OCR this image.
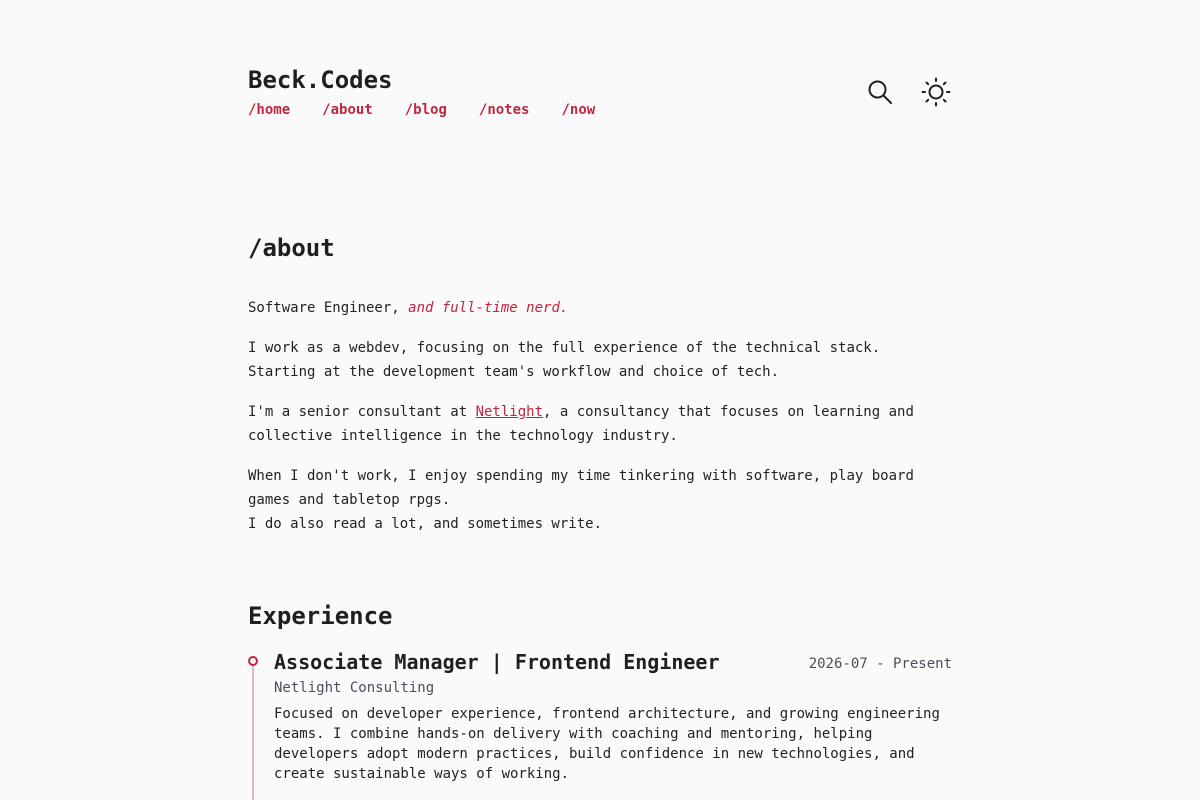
Beck.Codes
/home /about /blog /notes /now
/about

Software Engineer, and full-time nerd.

I work as a webdev, focusing on the full experience of the technical stack. Starting at the development team's workflow and choice of tech.

I'm a senior consultant at Netlight, a consultancy that focuses on learning and collective intelligence in the technology industry.

When I don't work, I enjoy spending my time tinkering with software, play board games and tabletop rpgs.
I do also read a lot, and sometimes write.

Experience
Associate Manager | Frontend Engineer	2026-07 - Present

Netlight Consulting

Focused on developer experience, frontend architecture, and growing engineering teams. I combine hands-on delivery with coaching and mentoring, helping developers adopt modern practices, build confidence in new technologies, and create sustainable ways of working.
